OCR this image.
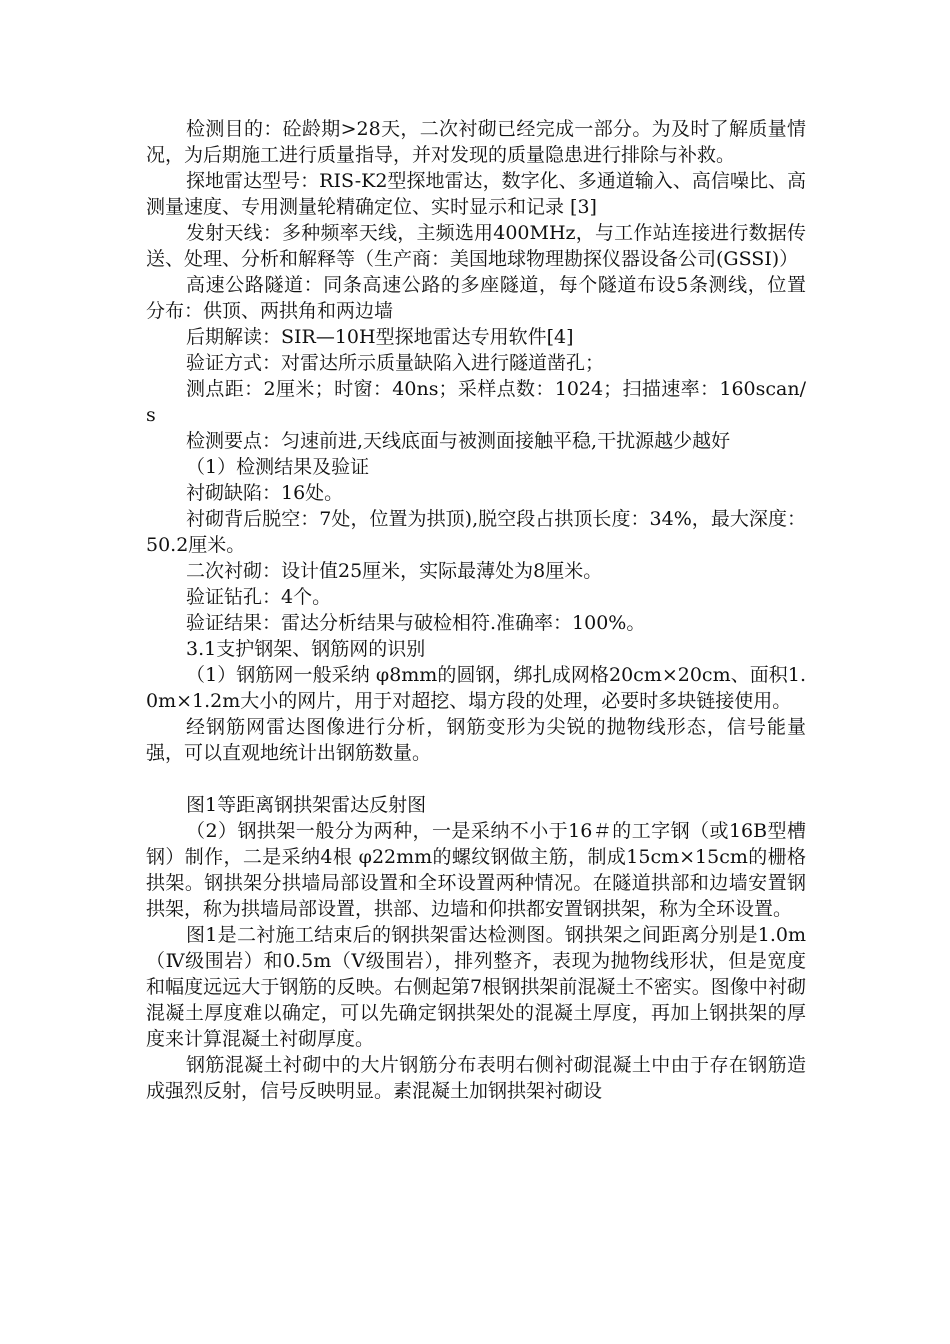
检测目的：砼龄期>28天，二次衬砌已经完成一部分。为及时了解质量情况，为后期施工进行质量指导，并对发现的质量隐患进行排除与补救。

探地雷达型号：RIS-K2型探地雷达，数字化、多通道输入、高信噪比、高测量速度、专用测量轮精确定位、实时显示和记录 [3]

发射天线：多种频率天线，主频选用400MHz，与工作站连接进行数据传送、处理、分析和解释等（生产商：美国地球物理勘探仪器设备公司(GSSI)）

高速公路隧道：同条高速公路的多座隧道，每个隧道布设5条测线，位置分布：供顶、两拱角和两边墙

后期解读：SIR—10H型探地雷达专用软件[4]

验证方式：对雷达所示质量缺陷入进行隧道凿孔；

测点距：2厘米；时窗：40ns；采样点数：1024；扫描速率：160scan/s

检测要点：匀速前进,天线底面与被测面接触平稳,干扰源越少越好

（1）检测结果及验证

衬砌缺陷：16处。

衬砌背后脱空：7处，位置为拱顶),脱空段占拱顶长度：34%，最大深度：50.2厘米。

二次衬砌：设计值25厘米，实际最薄处为8厘米。

验证钻孔：4个。

验证结果：雷达分析结果与破检相符.准确率：100%。

3.1支护钢架、钢筋网的识别

（1）钢筋网一般采纳 φ8mm的圆钢，绑扎成网格20cm×20cm、面积1.0m×1.2m大小的网片，用于对超挖、塌方段的处理，必要时多块链接使用。

经钢筋网雷达图像进行分析，钢筋变形为尖锐的抛物线形态，信号能量强，可以直观地统计出钢筋数量。

图1等距离钢拱架雷达反射图

（2）钢拱架一般分为两种，一是采纳不小于16＃的工字钢（或16B型槽钢）制作，二是采纳4根 φ22mm的螺纹钢做主筋，制成15cm×15cm的栅格拱架。钢拱架分拱墙局部设置和全环设置两种情况。在隧道拱部和边墙安置钢拱架，称为拱墙局部设置，拱部、边墙和仰拱都安置钢拱架，称为全环设置。

图1是二衬施工结束后的钢拱架雷达检测图。钢拱架之间距离分别是1.0m（Ⅳ级围岩）和0.5m（Ⅴ级围岩），排列整齐，表现为抛物线形状，但是宽度和幅度远远大于钢筋的反映。右侧起第7根钢拱架前混凝土不密实。图像中衬砌混凝土厚度难以确定，可以先确定钢拱架处的混凝土厚度，再加上钢拱架的厚度来计算混凝土衬砌厚度。

钢筋混凝土衬砌中的大片钢筋分布表明右侧衬砌混凝土中由于存在钢筋造成强烈反射，信号反映明显。素混凝土加钢拱架衬砌设
